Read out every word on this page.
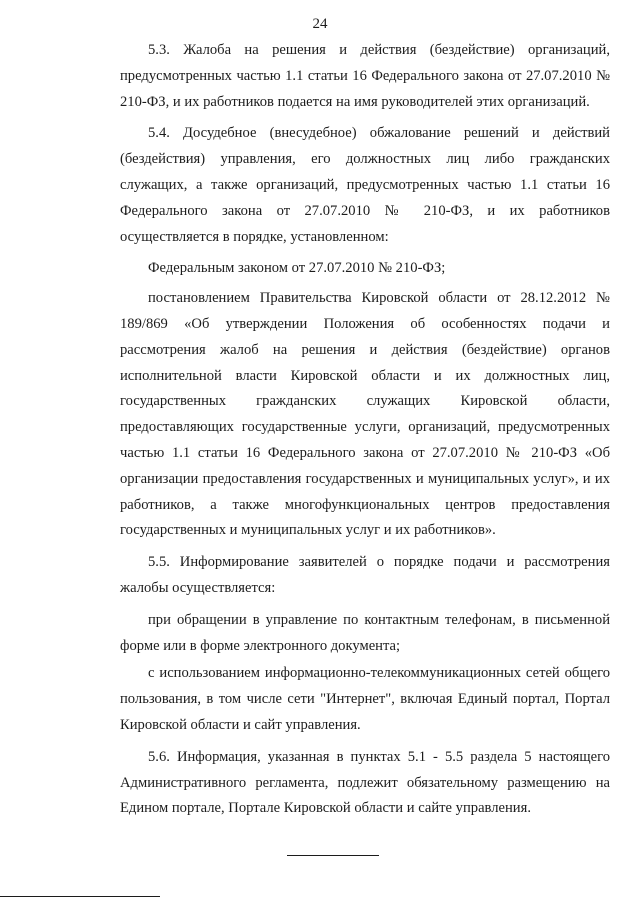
24

5.3. Жалоба на решения и действия (бездействие) организаций, предусмотренных частью 1.1 статьи 16 Федерального закона от 27.07.2010 № 210-ФЗ, и их работников подается на имя руководителей этих организаций.

5.4. Досудебное (внесудебное) обжалование решений и действий (бездействия) управления, его должностных лиц либо гражданских служащих, а также организаций, предусмотренных частью 1.1 статьи 16 Федерального закона от 27.07.2010 № 210-ФЗ, и их работников осуществляется в порядке, установленном:

Федеральным законом от 27.07.2010 № 210-ФЗ;

постановлением Правительства Кировской области от 28.12.2012 № 189/869 «Об утверждении Положения об особенностях подачи и рассмотрения жалоб на решения и действия (бездействие) органов исполнительной власти Кировской области и их должностных лиц, государственных гражданских служащих Кировской области, предоставляющих государственные услуги, организаций, предусмотренных частью 1.1 статьи 16 Федерального закона от 27.07.2010 № 210-ФЗ «Об организации предоставления государственных и муниципальных услуг», и их работников, а также многофункциональных центров предоставления государственных и муниципальных услуг и их работников».

5.5. Информирование заявителей о порядке подачи и рассмотрения жалобы осуществляется:

при обращении в управление по контактным телефонам, в письменной форме или в форме электронного документа;

с использованием информационно-телекоммуникационных сетей общего пользования, в том числе сети "Интернет", включая Единый портал, Портал Кировской области и сайт управления.

5.6. Информация, указанная в пунктах 5.1 - 5.5 раздела 5 настоящего Административного регламента, подлежит обязательному размещению на Едином портале, Портале Кировской области и сайте управления.
